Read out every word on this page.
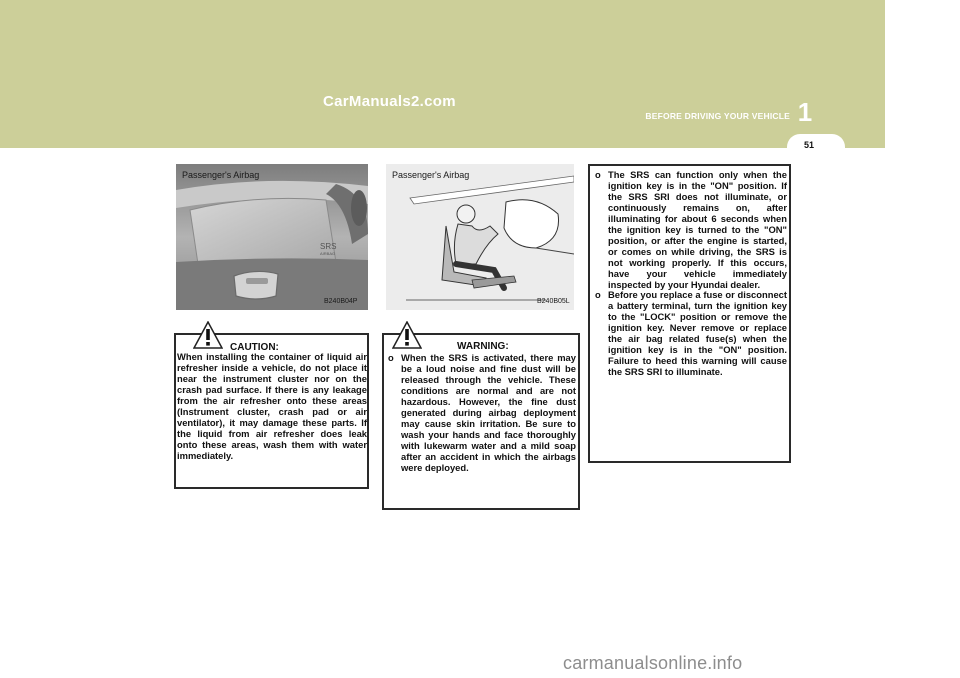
CarManuals2.com
BEFORE DRIVING YOUR VEHICLE 1
51
Passenger's Airbag
SRS
AIRBAG
B240B04P
Passenger's Airbag
B240B05L
CAUTION:
When installing the container of liquid air refresher inside a vehicle, do not place it near the instrument cluster nor on the crash pad surface. If there is any leakage from the air refresher onto these areas (Instrument cluster, crash pad or air ventilator), it may damage these parts. If the liquid from air refresher does leak onto these areas, wash them with water immediately.
WARNING:
o When the SRS is activated, there may be a loud noise and fine dust will be released through the vehicle. These conditions are normal and are not hazardous. However, the fine dust generated during airbag deployment may cause skin irritation. Be sure to wash your hands and face thoroughly with lukewarm water and a mild soap after an accident in which the airbags were deployed.
o The SRS can function only when the ignition key is in the "ON" position. If the SRS SRI does not illuminate, or continuously remains on, after illuminating for about 6 seconds when the ignition key is turned to the "ON" position, or after the engine is started, or comes on while driving, the SRS is not working properly. If this occurs, have your vehicle immediately inspected by your Hyundai dealer.
o Before you replace a fuse or disconnect a battery terminal, turn the ignition key to the "LOCK" position or remove the ignition key. Never remove or replace the air bag related fuse(s) when the ignition key is in the "ON" position. Failure to heed this warning will cause the SRS SRI to illuminate.
carmanualsonline.info
